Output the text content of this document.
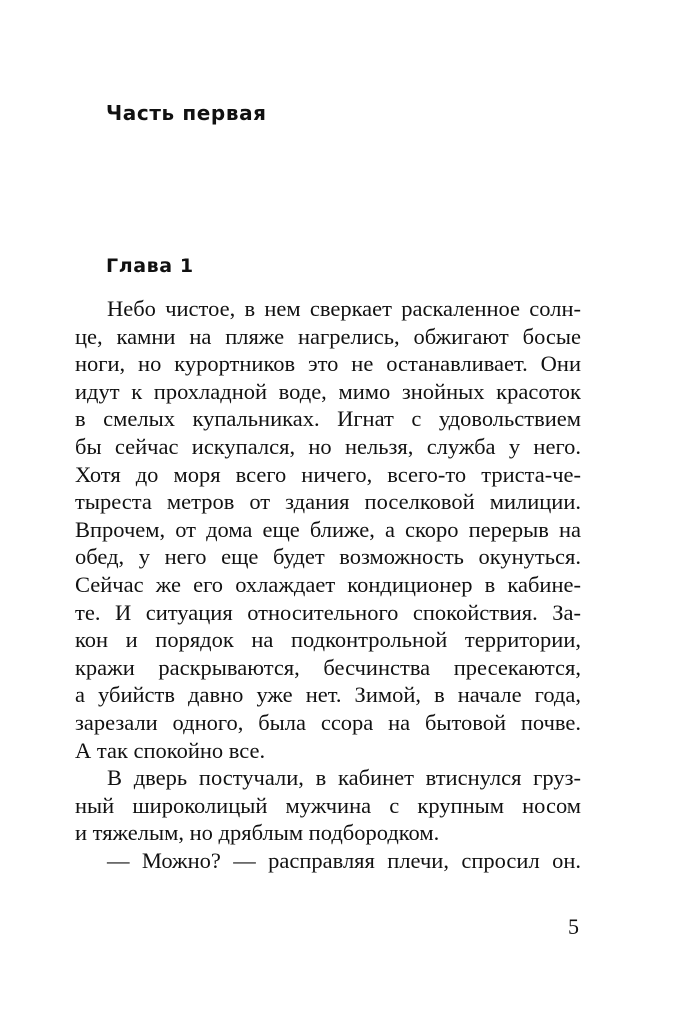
Часть первая
Глава 1
Небо чистое, в нем сверкает раскаленное солн-
це, камни на пляже нагрелись, обжигают босые
ноги, но курортников это не останавливает. Они
идут к прохладной воде, мимо знойных красоток
в смелых купальниках. Игнат с удовольствием
бы сейчас искупался, но нельзя, служба у него.
Хотя до моря всего ничего, всего-то триста-че-
тыреста метров от здания поселковой милиции.
Впрочем, от дома еще ближе, а скоро перерыв на
обед, у него еще будет возможность окунуться.
Сейчас же его охлаждает кондиционер в кабине-
те. И ситуация относительного спокойствия. За-
кон и порядок на подконтрольной территории,
кражи раскрываются, бесчинства пресекаются,
а убийств давно уже нет. Зимой, в начале года,
зарезали одного, была ссора на бытовой почве.
А так спокойно все.
В дверь постучали, в кабинет втиснулся груз-
ный широколицый мужчина с крупным носом
и тяжелым, но дряблым подбородком.
— Можно? — расправляя плечи, спросил он.
5
